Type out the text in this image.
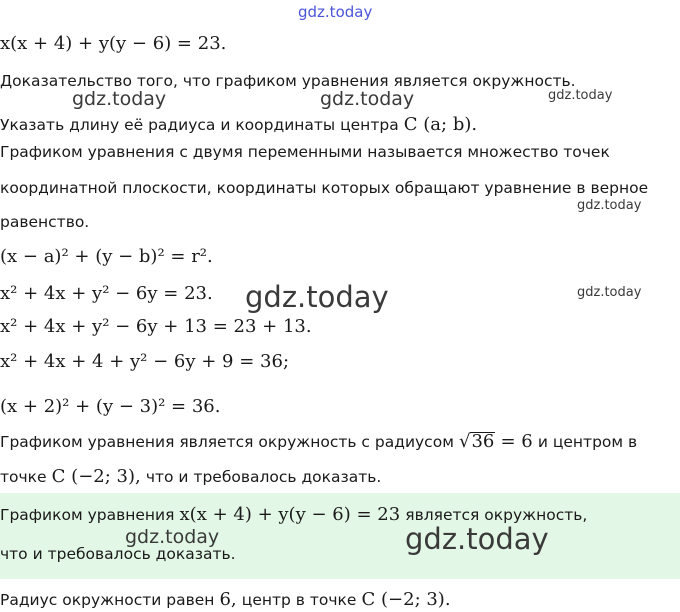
gdz.today
x(x + 4) + y(y − 6) = 23.
Доказательство того, что графиком уравнения является окружность.
gdz.today	gdz.today	gdz.today
Указать длину её радиуса и координаты центра C (a; b).
Графиком уравнения с двумя переменными называется множество точек
координатной плоскости, координаты которых обращают уравнение в верное
gdz.today
равенство.
(x − a)² + (y − b)² = r².
x² + 4x + y² − 6y = 23. gdz.today	gdz.today
x² + 4x + y² − 6y + 13 = 23 + 13.
x² + 4x + 4 + y² − 6y + 9 = 36;
(x + 2)² + (y − 3)² = 36.
Графиком уравнения является окружность с радиусом √36 = 6 и центром в
точке C (−2; 3), что и требовалось доказать.
Графиком уравнения x(x + 4) + y(y − 6) = 23 является окружность,
gdz.today	gdz.today
что и требовалось доказать.
Радиус окружности равен 6, центр в точке C (−2; 3).
